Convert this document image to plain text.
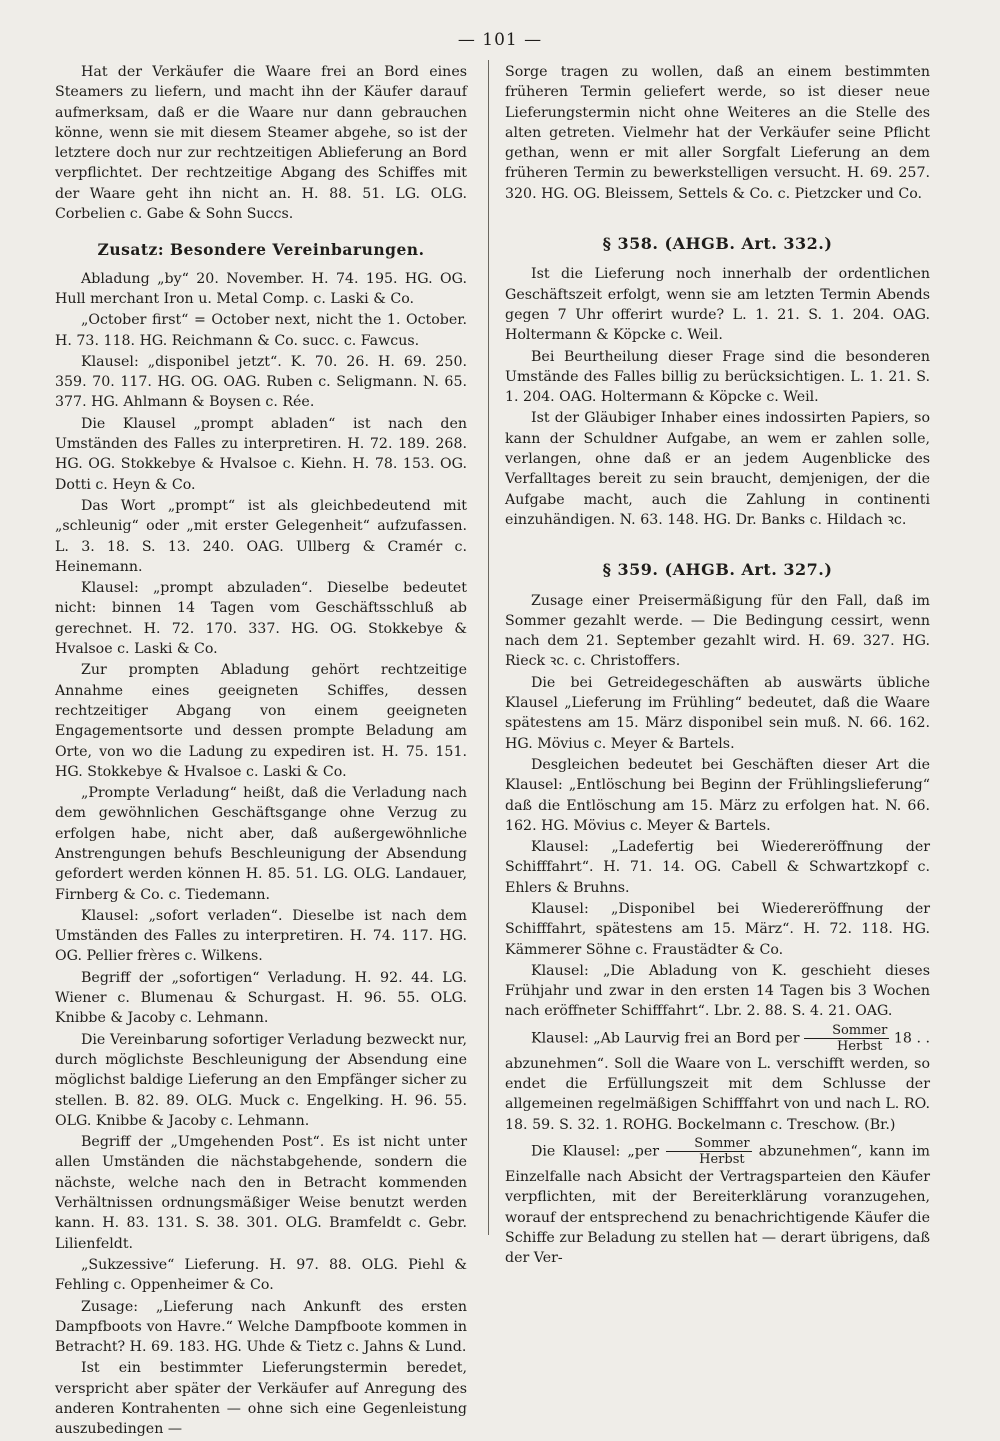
— 101 —

Hat der Verkäufer die Waare frei an Bord eines Steamers zu liefern, und macht ihn der Käufer darauf aufmerksam, daß er die Waare nur dann gebrauchen könne, wenn sie mit diesem Steamer abgehe, so ist der letztere doch nur zur rechtzeitigen Ablieferung an Bord verpflichtet. Der rechtzeitige Abgang des Schiffes mit der Waare geht ihn nicht an. H. 88. 51. LG. OLG. Corbelien c. Gabe & Sohn Succs.

Zusatz: Besondere Vereinbarungen.

Abladung „by“ 20. November. H. 74. 195. HG. OG. Hull merchant Iron u. Metal Comp. c. Laski & Co.

„October first“ = October next, nicht the 1. October. H. 73. 118. HG. Reichmann & Co. succ. c. Fawcus.

Klausel: „disponibel jetzt“. K. 70. 26. H. 69. 250. 359. 70. 117. HG. OG. OAG. Ruben c. Seligmann. N. 65. 377. HG. Ahlmann & Boysen c. Rée.

Die Klausel „prompt abladen“ ist nach den Umständen des Falles zu interpretiren. H. 72. 189. 268. HG. OG. Stokkebye & Hvalsoe c. Kiehn. H. 78. 153. OG. Dotti c. Heyn & Co.

Das Wort „prompt“ ist als gleichbedeutend mit „schleunig“ oder „mit erster Gelegenheit“ aufzufassen. L. 3. 18. S. 13. 240. OAG. Ullberg & Cramér c. Heinemann.

Klausel: „prompt abzuladen“. Dieselbe bedeutet nicht: binnen 14 Tagen vom Geschäftsschluß ab gerechnet. H. 72. 170. 337. HG. OG. Stokkebye & Hvalsoe c. Laski & Co.

Zur prompten Abladung gehört rechtzeitige Annahme eines geeigneten Schiffes, dessen rechtzeitiger Abgang von einem geeigneten Engagementsorte und dessen prompte Beladung am Orte, von wo die Ladung zu expediren ist. H. 75. 151. HG. Stokkebye & Hvalsoe c. Laski & Co.

„Prompte Verladung“ heißt, daß die Verladung nach dem gewöhnlichen Geschäftsgange ohne Verzug zu erfolgen habe, nicht aber, daß außergewöhnliche Anstrengungen behufs Beschleunigung der Absendung gefordert werden können H. 85. 51. LG. OLG. Landauer, Firnberg & Co. c. Tiedemann.

Klausel: „sofort verladen“. Dieselbe ist nach dem Umständen des Falles zu interpretiren. H. 74. 117. HG. OG. Pellier frères c. Wilkens.

Begriff der „sofortigen“ Verladung. H. 92. 44. LG. Wiener c. Blumenau & Schurgast. H. 96. 55. OLG. Knibbe & Jacoby c. Lehmann.

Die Vereinbarung sofortiger Verladung bezweckt nur, durch möglichste Beschleunigung der Absendung eine möglichst baldige Lieferung an den Empfänger sicher zu stellen. B. 82. 89. OLG. Muck c. Engelking. H. 96. 55. OLG. Knibbe & Jacoby c. Lehmann.

Begriff der „Umgehenden Post“. Es ist nicht unter allen Umständen die nächstabgehende, sondern die nächste, welche nach den in Betracht kommenden Verhältnissen ordnungsmäßiger Weise benutzt werden kann. H. 83. 131. S. 38. 301. OLG. Bramfeldt c. Gebr. Lilienfeldt.

„Sukzessive“ Lieferung. H. 97. 88. OLG. Piehl & Fehling c. Oppenheimer & Co.

Zusage: „Lieferung nach Ankunft des ersten Dampfboots von Havre.“ Welche Dampfboote kommen in Betracht? H. 69. 183. HG. Uhde & Tietz c. Jahns & Lund.

Ist ein bestimmter Lieferungstermin beredet, verspricht aber später der Verkäufer auf Anregung des anderen Kontrahenten — ohne sich eine Gegenleistung auszubedingen —

Sorge tragen zu wollen, daß an einem bestimmten früheren Termin geliefert werde, so ist dieser neue Lieferungstermin nicht ohne Weiteres an die Stelle des alten getreten. Vielmehr hat der Verkäufer seine Pflicht gethan, wenn er mit aller Sorgfalt Lieferung an dem früheren Termin zu bewerkstelligen versucht. H. 69. 257. 320. HG. OG. Bleissem, Settels & Co. c. Pietzcker und Co.

§ 358. (AHGB. Art. 332.)

Ist die Lieferung noch innerhalb der ordentlichen Geschäftszeit erfolgt, wenn sie am letzten Termin Abends gegen 7 Uhr offerirt wurde? L. 1. 21. S. 1. 204. OAG. Holtermann & Köpcke c. Weil.

Bei Beurtheilung dieser Frage sind die besonderen Umstände des Falles billig zu berücksichtigen. L. 1. 21. S. 1. 204. OAG. Holtermann & Köpcke c. Weil.

Ist der Gläubiger Inhaber eines indossirten Papiers, so kann der Schuldner Aufgabe, an wem er zahlen solle, verlangen, ohne daß er an jedem Augenblicke des Verfalltages bereit zu sein braucht, demjenigen, der die Aufgabe macht, auch die Zahlung in continenti einzuhändigen. N. 63. 148. HG. Dr. Banks c. Hildach ꝛc.

§ 359. (AHGB. Art. 327.)

Zusage einer Preisermäßigung für den Fall, daß im Sommer gezahlt werde. — Die Bedingung cessirt, wenn nach dem 21. September gezahlt wird. H. 69. 327. HG. Rieck ꝛc. c. Christoffers.

Die bei Getreidegeschäften ab auswärts übliche Klausel „Lieferung im Frühling“ bedeutet, daß die Waare spätestens am 15. März disponibel sein muß. N. 66. 162. HG. Mövius c. Meyer & Bartels.

Desgleichen bedeutet bei Geschäften dieser Art die Klausel: „Entlöschung bei Beginn der Frühlingslieferung“ daß die Entlöschung am 15. März zu erfolgen hat. N. 66. 162. HG. Mövius c. Meyer & Bartels.

Klausel: „Ladefertig bei Wiedereröffnung der Schifffahrt“. H. 71. 14. OG. Cabell & Schwartzkopf c. Ehlers & Bruhns.

Klausel: „Disponibel bei Wiedereröffnung der Schifffahrt, spätestens am 15. März“. H. 72. 118. HG. Kämmerer Söhne c. Fraustädter & Co.

Klausel: „Die Abladung von K. geschieht dieses Frühjahr und zwar in den ersten 14 Tagen bis 3 Wochen nach eröffneter Schifffahrt“. Lbr. 2. 88. S. 4. 21. OAG.

Klausel: „Ab Laurvig frei an Bord per $\frac{\text{Sommer}}{\text{Herbst}} 18$ . . abzunehmen“. Soll die Waare von L. verschifft werden, so endet die Erfüllungszeit mit dem Schlusse der allgemeinen regelmäßigen Schifffahrt von und nach L. RO. 18. 59. S. 32. 1. ROHG. Bockelmann c. Treschow. (Br.)

Die Klausel: „per $\frac{\text{Sommer}}{\text{Herbst}}$ abzunehmen“, kann im Einzelfalle nach Absicht der Vertragsparteien den Käufer verpflichten, mit der Bereiterklärung voranzugehen, worauf der entsprechend zu benachrichtigende Käufer die Schiffe zur Beladung zu stellen hat — derart übrigens, daß der Ver-
